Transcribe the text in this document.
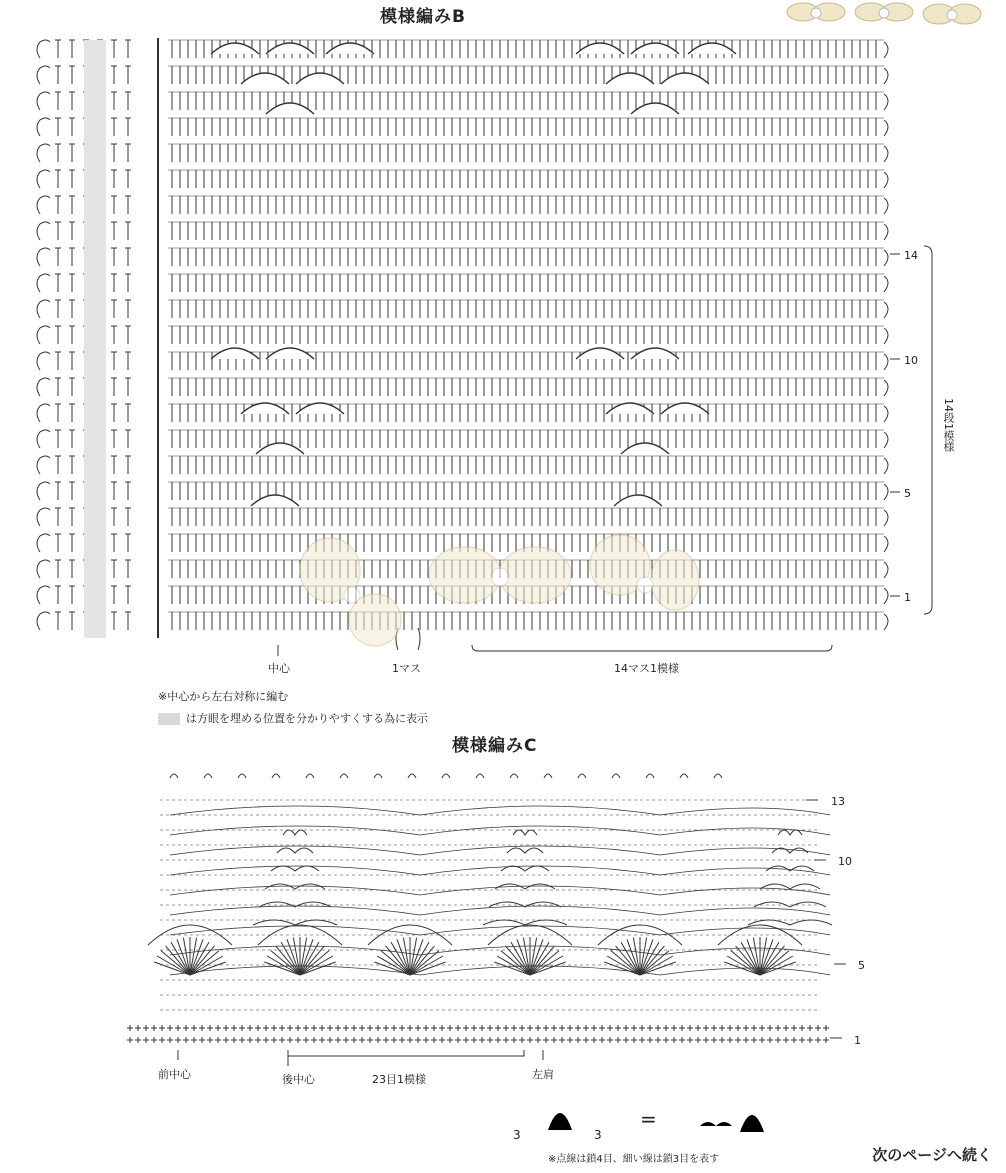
模様編みB
14
10
5
1
14段1模様
中心	1マス	14マス1模様
※中心から左右対称に編む
は方眼を埋める位置を分かりやすくする為に表示
模様編みC
13
10
5
1
前中心	後中心	23目1模様	左肩
3	3
=
※点線は鎖4目、細い線は鎖3目を表す	次のページへ続く
